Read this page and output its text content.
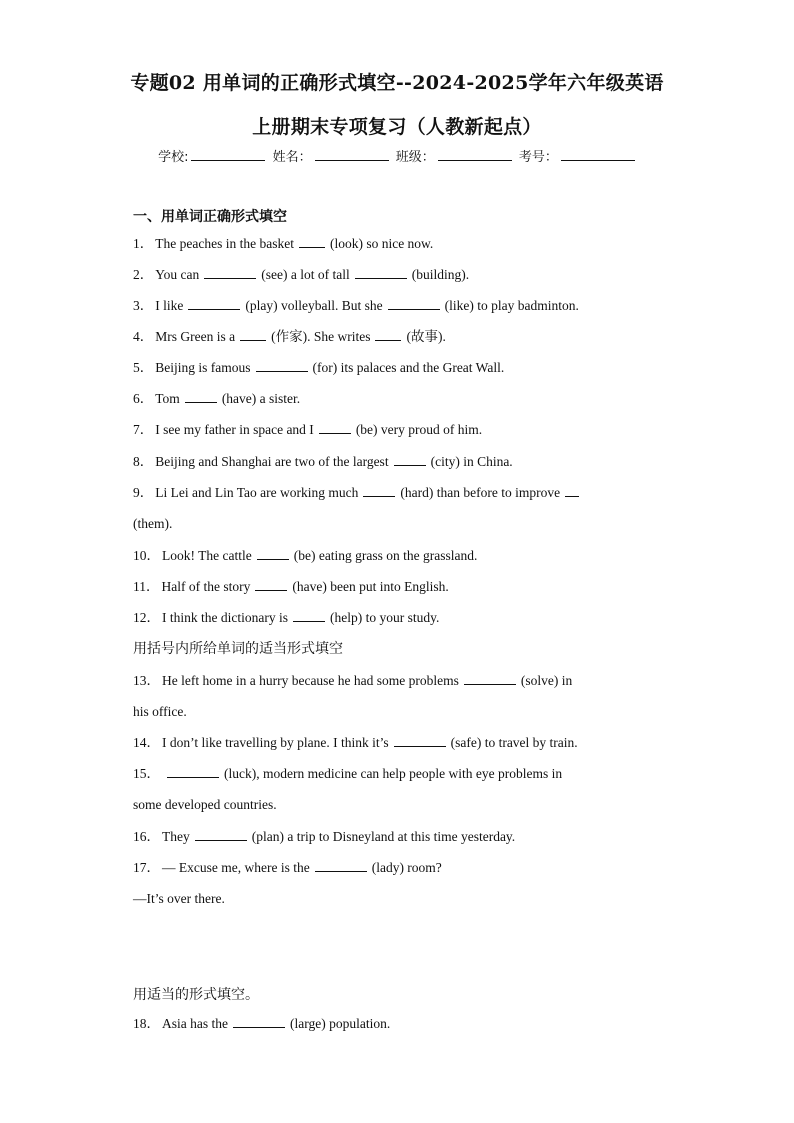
专题02 用单词的正确形式填空--2024-2025学年六年级英语
上册期末专项复习（人教新起点）
学校:	姓名：	班级：	考号：
一、用单词正确形式填空
1． The peaches in the basket	(look) so nice now.
2． You can	(see) a lot of tall	(building).
3． I like	(play) volleyball. But she	(like) to play badminton.
4． Mrs Green is a	(作家). She writes	(故事).
5． Beijing is famous	(for) its palaces and the Great Wall.
6． Tom	(have) a sister.
7． I see my father in space and I	(be) very proud of him.
8． Beijing and Shanghai are two of the largest	(city) in China.
9． Li Lei and Lin Tao are working much	(hard) than before to improve
(them).
10． Look! The cattle	(be) eating grass on the grassland.
11． Half of the story	(have) been put into English.
12． I think the dictionary is	(help) to your study.
用括号内所给单词的适当形式填空
13． He left home in a hurry because he had some problems	(solve) in
his office.
14． I don’t like travelling by plane. I think it’s	(safe) to travel by train.
15．	(luck), modern medicine can help people with eye problems in
some developed countries.
16． They	(plan) a trip to Disneyland at this time yesterday.
17． — Excuse me, where is the	(lady) room?
—It’s over there.
用适当的形式填空。
18． Asia has the	(large) population.
